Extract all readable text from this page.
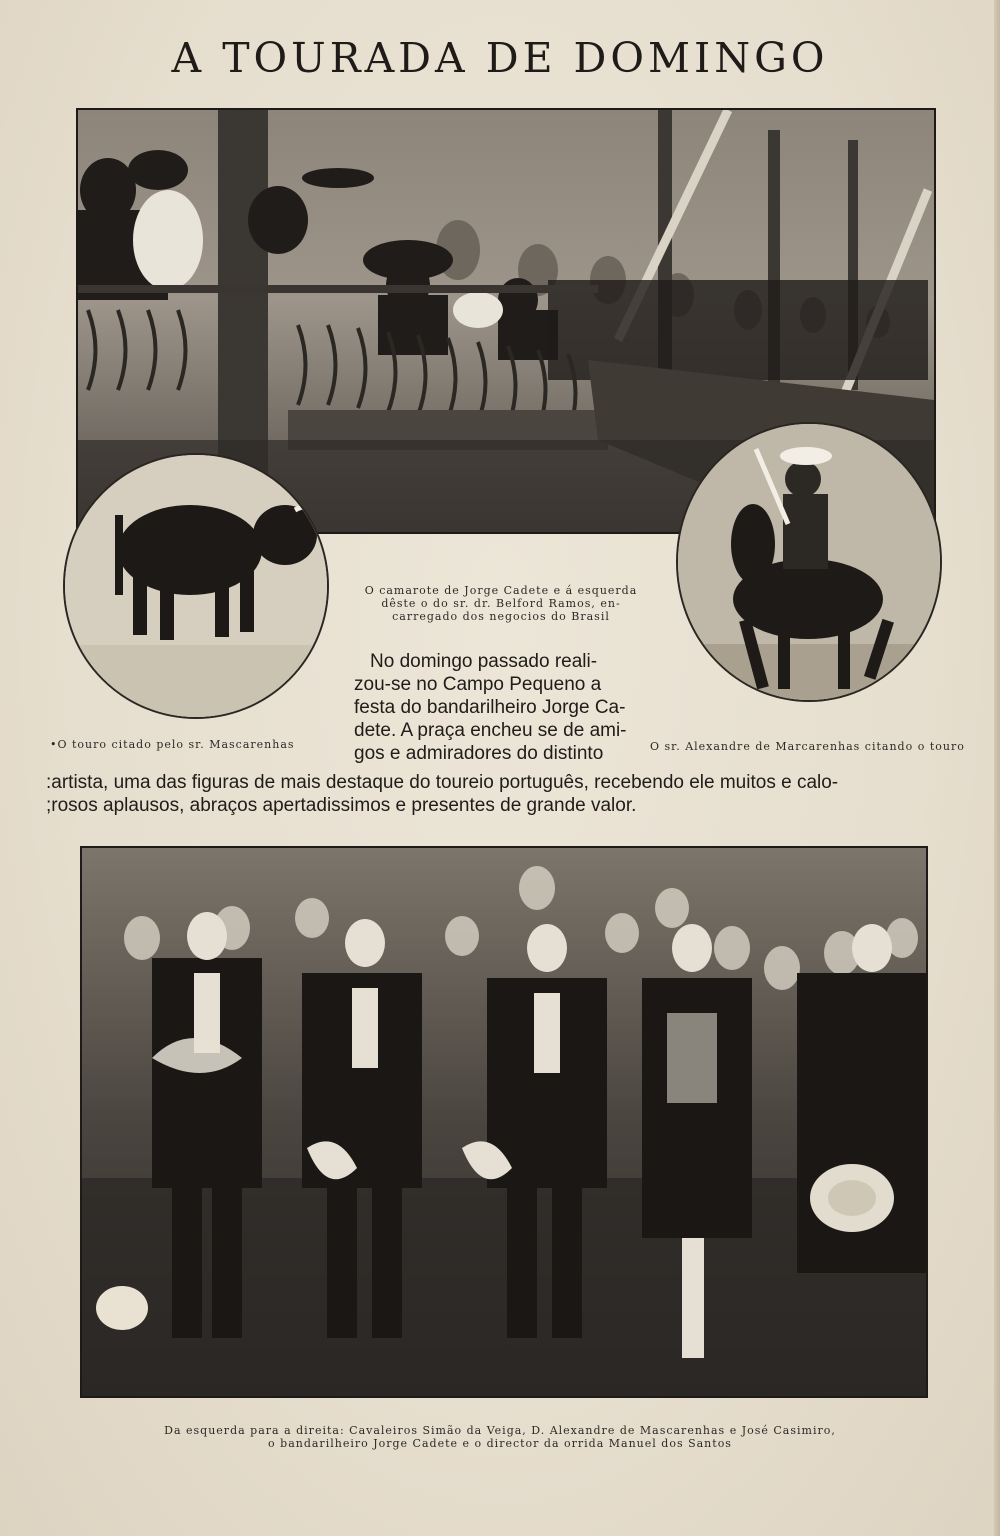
A TOURADA DE DOMINGO
O camarote de Jorge Cadete e á esquerda
dêste o do sr. dr. Belford Ramos, en-
carregado dos negocios do Brasil
No domingo passado reali-
zou-se no Campo Pequeno a
festa do bandarilheiro Jorge Ca-
dete. A praça encheu se de ami-
gos e admiradores do distinto
•O touro citado pelo sr. Mascarenhas	O sr. Alexandre de Marcarenhas citando o touro
:artista, uma das figuras de mais destaque do toureio português, recebendo ele muitos e calo-
;rosos aplausos, abraços apertadissimos e presentes de grande valor.
Da esquerda para a direita: Cavaleiros Simão da Veiga, D. Alexandre de Mascarenhas e José Casimiro,
o bandarilheiro Jorge Cadete e o director da orrida Manuel dos Santos
